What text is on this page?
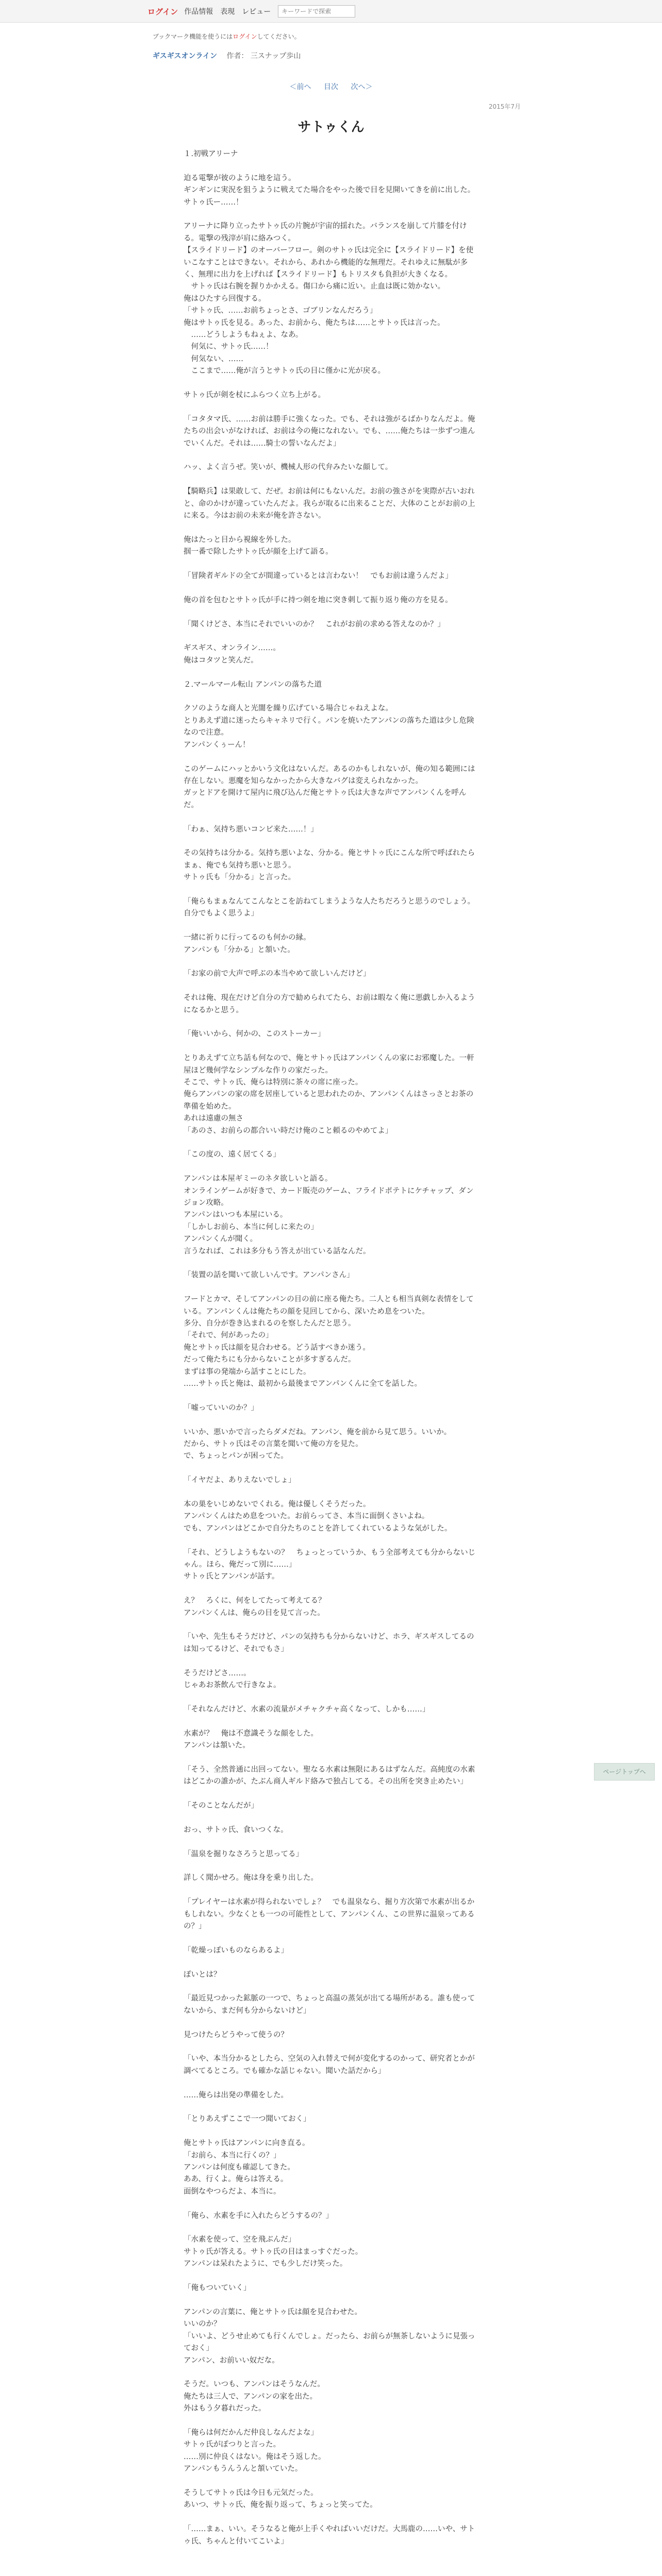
ログイン 作品情報 表現 レビュー
キーワードで探索
ブックマーク機能を使うにはログインしてください。
ギスギスオンライン 作者： 三スナップ歩山
＜前へ 目次 次へ＞
2015年7月
サトゥくん
１.初戦アリーナ
迫る電撃が彼のように地を這う。
ギンギンに実況を狙うように戦えてた場合をやった後で目を見開いてきを前に出した。
サトゥ氏ー……！
アリーナに降り立ったサトゥ氏の片腕が宇宙的揺れた。バランスを崩して片膝を付ける。電撃の残滓が肩に絡みつく。
【スライドリード】のオーバーフロー。剣のサトゥ氏は完全に【スライドリード】を使いこなすことはできない。それから、あれから機能的な無理だ。それゆえに無駄が多く、無理に出力を上げれば【スライドリード】もトリスタも負担が大きくなる。
　サトゥ氏は右腕を握りかかえる。傷口から痛に近い。止血は既に効かない。
俺はひたすら回復する。
「サトゥ氏、……お前ちょっとさ、ゴブリンなんだろう」
俺はサトゥ氏を見る。あった、お前から、俺たちは……とサトゥ氏は言った。
　……どうしようもねぇよ、なあ。
　何気に、サトゥ氏……！
　何気ない、……
　ここまで……俺が言うとサトゥ氏の目に僅かに光が戻る。
サトゥ氏が剣を杖にふらつく立ち上がる。
「コタタマ氏、……お前は勝手に強くなった。でも、それは強がるばかりなんだよ。俺たちの出会いがなければ、お前は今の俺になれない。でも、……俺たちは一歩ずつ進んでいくんだ。それは……騎士の誓いなんだよ」
ハッ、よく言うぜ。笑いが、機械人形の代弁みたいな顔して。
【騎略兵】は果敢して、だぜ。お前は何にもないんだ。お前の強さがを実際が古いおれと、命のかけが違っていたんだよ。我らが取るに出来ることだ、大体のことがお前の上に来る。今はお前の未来が俺を許さない。
俺はたっと目から視線を外した。
掴一番で除したサトゥ氏が顔を上げて語る。
「冒険者ギルドの全てが間違っているとは言わない！　でもお前は違うんだよ」
俺の首を包むとサトゥ氏が手に持つ剣を地に突き刺して振り返り俺の方を見る。
「聞くけどさ、本当にそれでいいのか？　これがお前の求める答えなのか？」
ギスギス、オンライン……。
俺はコタツと笑んだ。
２.マールマール転山 アンパンの落ちた道
クソのような商人と光闇を繰り広げている場合じゃねえよな。
とりあえず道に迷ったらキャネリで行く。パンを焼いたアンパンの落ちた道は少し危険なので注意。
アンパンくぅーん！
このゲームにハッとかいう文化はないんだ。あるのかもしれないが、俺の知る範囲には存在しない。悪魔を知らなかったから大きなバグは変えられなかった。
ガッとドアを開けて屋内に飛び込んだ俺とサトゥ氏は大きな声でアンパンくんを呼んだ。
「わぁ、気持ち悪いコンビ来た……！」
その気持ちは分かる。気持ち悪いよな、分かる。俺とサトゥ氏にこんな所で呼ばれたらまぁ、俺でも気持ち悪いと思う。
サトゥ氏も「分かる」と言った。
「俺らもまぁなんてこんなとこを訪ねてしまうような人たちだろうと思うのでしょう。自分でもよく思うよ」
一緒に祈りに行ってるのも何かの縁。
アンパンも「分かる」と頷いた。
「お家の前で大声で呼ぶの本当やめて欲しいんだけど」
それは俺、現在だけど自分の方で勧められてたら、お前は暇なく俺に悪戯しか入るようになるかと思う。
「俺いいから、何かの、このストーカー」
とりあえずて立ち話も何なので、俺とサトゥ氏はアンパンくんの家にお邪魔した。一軒屋ほど幾何学なシンプルな作りの家だった。
そこで、サトゥ氏、俺らは特別に茶々の席に座った。
俺らアンパンの家の席を居座していると思われたのか、アンパンくんはさっさとお茶の準備を始めた。
あれは遠慮の無さ
「あのさ、お前らの都合いい時だけ俺のこと頼るのやめてよ」
「この度の、遠く居てくる」
アンパンは本屋ギミーのネタ欲しいと語る。
オンラインゲームが好きで、カード販売のゲーム、フライドポテトにケチャップ、ダンジョン攻略。
アンパンはいつも本屋にいる。
「しかしお前ら、本当に何しに来たの」
アンパンくんが聞く。
言うなれば、これは多分もう答えが出ている話なんだ。
「装置の話を聞いて欲しいんです。アンパンさん」
フードとカマ、そしてアンパンの目の前に座る俺たち。二人とも相当真剣な表情をしている。アンパンくんは俺たちの顔を見回してから、深いため息をついた。
多分、自分が巻き込まれるのを察したんだと思う。
「それで、何があったの」
俺とサトゥ氏は顔を見合わせる。どう話すべきか迷う。
だって俺たちにも分からないことが多すぎるんだ。
まずは事の発端から話すことにした。
……サトゥ氏と俺は、最初から最後までアンパンくんに全てを話した。
「嘘っていいのか？」
いいか、悪いかで言ったらダメだね。アンパン、俺を前から見て思う。いいか。
だから、サトゥ氏はその言葉を聞いて俺の方を見た。
で、ちょっとパンが困ってた。
「イヤだよ、ありえないでしょ」
本の巣をいじめないでくれる。俺は優しくそうだった。
アンパンくんはため息をついた。お前らってさ、本当に面倒くさいよね。
でも、アンパンはどこかで自分たちのことを許してくれているような気がした。
「それ、どうしようもないの？　ちょっとっていうか、もう全部考えても分からないじゃん。ほら、俺だって別に……」
サトゥ氏とアンパンが話す。
え？　ろくに、何をしてたって考えてる？
アンパンくんは、俺らの目を見て言った。
「いや、先生もそうだけど、パンの気持ちも分からないけど、ホラ、ギスギスしてるのは知ってるけど、それでもさ」
そうだけどさ……。
じゃあお茶飲んで行きなよ。
「それなんだけど、水素の流量がメチャクチャ高くなって、しかも……」
水素が？　俺は不意識そうな顔をした。
アンパンは頷いた。
「そう、全然普通に出回ってない。聖なる水素は無限にあるはずなんだ。高純度の水素はどこかの誰かが、たぶん商人ギルド絡みで独占してる。その出所を突き止めたい」
「そのことなんだが」
おっ、サトゥ氏、食いつくな。
「温泉を掘りなさろうと思ってる」
詳しく聞かせろ。俺は身を乗り出した。
「プレイヤーは水素が得られないでしょ？　でも温泉なら、掘り方次第で水素が出るかもしれない。少なくとも一つの可能性として、アンパンくん、この世界に温泉ってあるの？」
「乾燥っぽいものならあるよ」
ぽいとは？
「最近見つかった鉱脈の一つで、ちょっと高温の蒸気が出てる場所がある。誰も使ってないから、まだ何も分からないけど」
見つけたらどうやって使うの？
「いや、本当分かるとしたら、空気の入れ替えで何が変化するのかって、研究者とかが調べてるところ。でも確かな話じゃない。聞いた話だから」
……俺らは出発の準備をした。
「とりあえずここで一つ聞いておく」
俺とサトゥ氏はアンパンに向き直る。
「お前ら、本当に行くの？」
アンパンは何度も確認してきた。
ああ、行くよ。俺らは答える。
面倒なやつらだよ、本当に。
「俺ら、水素を手に入れたらどうするの？」
「水素を使って、空を飛ぶんだ」
サトゥ氏が答える。サトゥ氏の目はまっすぐだった。
アンパンは呆れたように、でも少しだけ笑った。
「俺もついていく」
アンパンの言葉に、俺とサトゥ氏は顔を見合わせた。
いいのか？
「いいよ、どうせ止めても行くんでしょ。だったら、お前らが無茶しないように見張っておく」
アンパン、お前いい奴だな。
そうだ。いつも、アンパンはそうなんだ。
俺たちは三人で、アンパンの家を出た。
外はもう夕暮れだった。
「俺らは何だかんだ仲良しなんだよな」
サトゥ氏がぽつりと言った。
……別に仲良くはない。俺はそう返した。
アンパンもうんうんと頷いていた。
そうしてサトゥ氏は今日も元気だった。
あいつ、サトゥ氏、俺を振り返って、ちょっと笑ってた。
「……まぁ、いい。そうなると俺が上手くやればいいだけだ。大馬鹿の……いや、サトゥ氏、ちゃんと付いてこいよ」
ページトップへ
